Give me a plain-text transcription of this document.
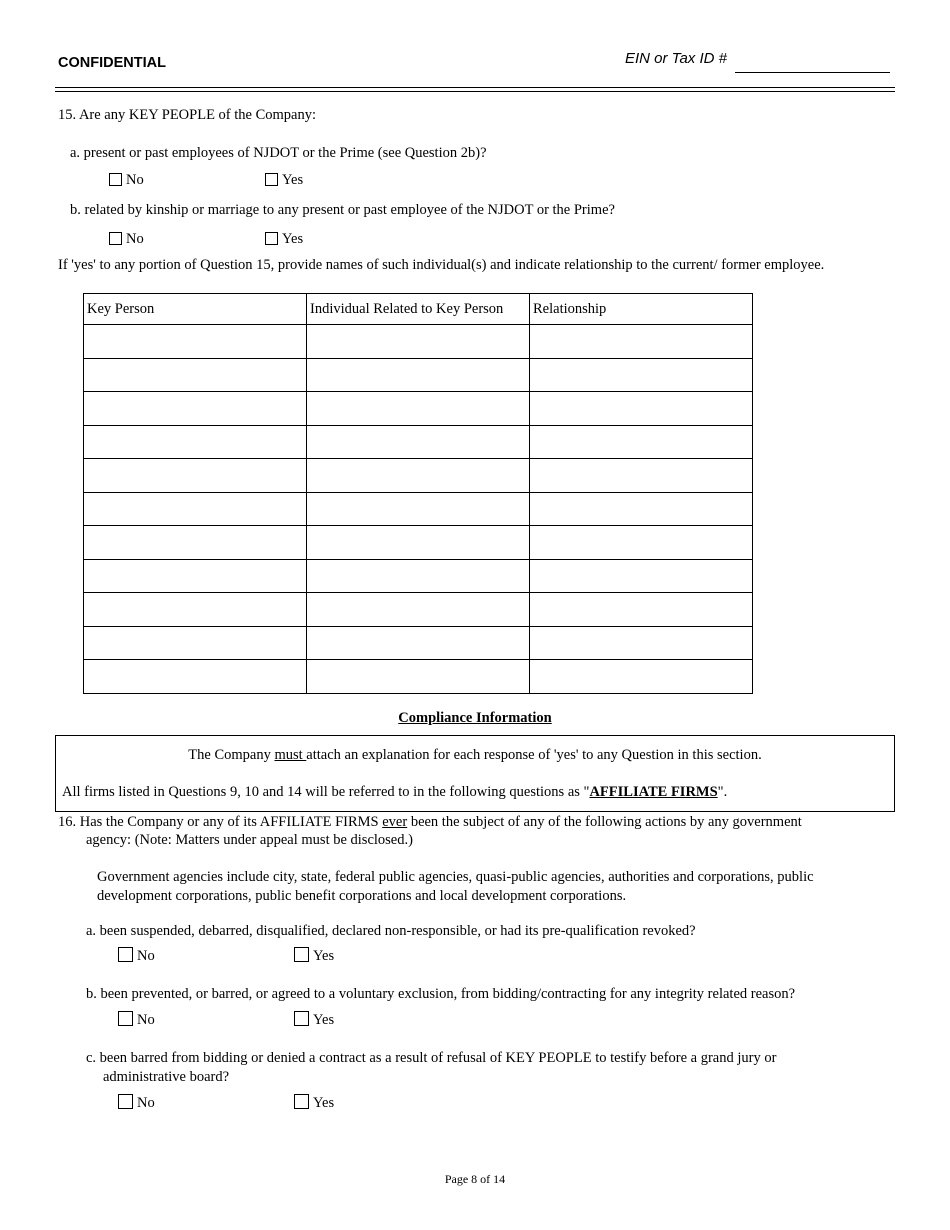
CONFIDENTIAL	EIN or Tax ID #
15. Are any KEY PEOPLE of the Company:
a. present or past employees of NJDOT or the Prime (see Question 2b)?
No	Yes
b. related by kinship or marriage to any present or past employee of the NJDOT or the Prime?
No	Yes
If 'yes' to any portion of Question 15, provide names of such individual(s) and indicate relationship to the current/ former employee.
Key Person	Individual Related to Key Person	Relationship

Compliance Information
The Company must attach an explanation for each response of 'yes' to any Question in this section.
All firms listed in Questions 9, 10 and 14 will be referred to in the following questions as "AFFILIATE FIRMS".
16. Has the Company or any of its AFFILIATE FIRMS ever been the subject of any of the following actions by any government
agency: (Note: Matters under appeal must be disclosed.)
Government agencies include city, state, federal public agencies, quasi-public agencies, authorities and corporations, public
development corporations, public benefit corporations and local development corporations.
a. been suspended, debarred, disqualified, declared non-responsible, or had its pre-qualification revoked?
No	Yes
b. been prevented, or barred, or agreed to a voluntary exclusion, from bidding/contracting for any integrity related reason?
No	Yes
c. been barred from bidding or denied a contract as a result of refusal of KEY PEOPLE to testify before a grand jury or
administrative board?
No	Yes
Page 8 of 14
